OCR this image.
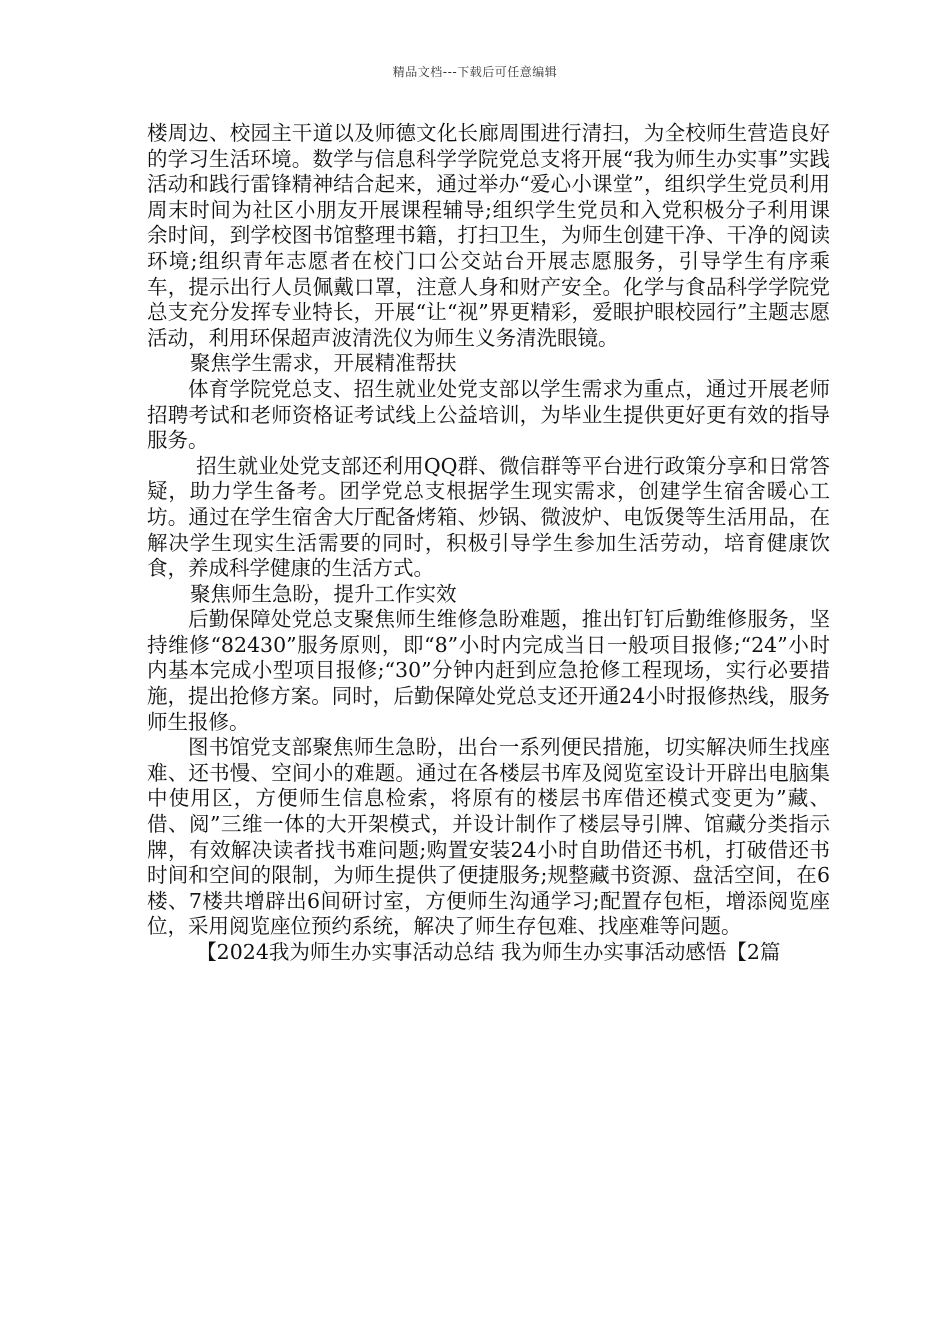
精品文档---下载后可任意编辑

楼周边、校园主干道以及师德文化长廊周围进行清扫，为全校师生营造良好的学习生活环境。数学与信息科学学院党总支将开展“我为师生办实事”实践活动和践行雷锋精神结合起来，通过举办“爱心小课堂”，组织学生党员利用周末时间为社区小朋友开展课程辅导;组织学生党员和入党积极分子利用课余时间，到学校图书馆整理书籍，打扫卫生，为师生创建干净、干净的阅读环境;组织青年志愿者在校门口公交站台开展志愿服务，引导学生有序乘车，提示出行人员佩戴口罩，注意人身和财产安全。化学与食品科学学院党总支充分发挥专业特长，开展“让“视”界更精彩，爱眼护眼校园行”主题志愿活动，利用环保超声波清洗仪为师生义务清洗眼镜。

聚焦学生需求，开展精准帮扶

体育学院党总支、招生就业处党支部以学生需求为重点，通过开展老师招聘考试和老师资格证考试线上公益培训，为毕业生提供更好更有效的指导服务。

招生就业处党支部还利用QQ群、微信群等平台进行政策分享和日常答疑，助力学生备考。团学党总支根据学生现实需求，创建学生宿舍暖心工坊。通过在学生宿舍大厅配备烤箱、炒锅、微波炉、电饭煲等生活用品，在解决学生现实生活需要的同时，积极引导学生参加生活劳动，培育健康饮食，养成科学健康的生活方式。

聚焦师生急盼，提升工作实效

后勤保障处党总支聚焦师生维修急盼难题，推出钉钉后勤维修服务，坚持维修“82430”服务原则，即“8”小时内完成当日一般项目报修;“24”小时内基本完成小型项目报修;“30”分钟内赶到应急抢修工程现场，实行必要措施，提出抢修方案。同时，后勤保障处党总支还开通24小时报修热线，服务师生报修。

图书馆党支部聚焦师生急盼，出台一系列便民措施，切实解决师生找座难、还书慢、空间小的难题。通过在各楼层书库及阅览室设计开辟出电脑集中使用区，方便师生信息检索，将原有的楼层书库借还模式变更为”藏、借、阅”三维一体的大开架模式，并设计制作了楼层导引牌、馆藏分类指示牌，有效解决读者找书难问题;购置安装24小时自助借还书机，打破借还书时间和空间的限制，为师生提供了便捷服务;规整藏书资源、盘活空间，在6楼、7楼共增辟出6间研讨室，方便师生沟通学习;配置存包柜，增添阅览座位，采用阅览座位预约系统，解决了师生存包难、找座难等问题。

【2024我为师生办实事活动总结 我为师生办实事活动感悟【2篇
